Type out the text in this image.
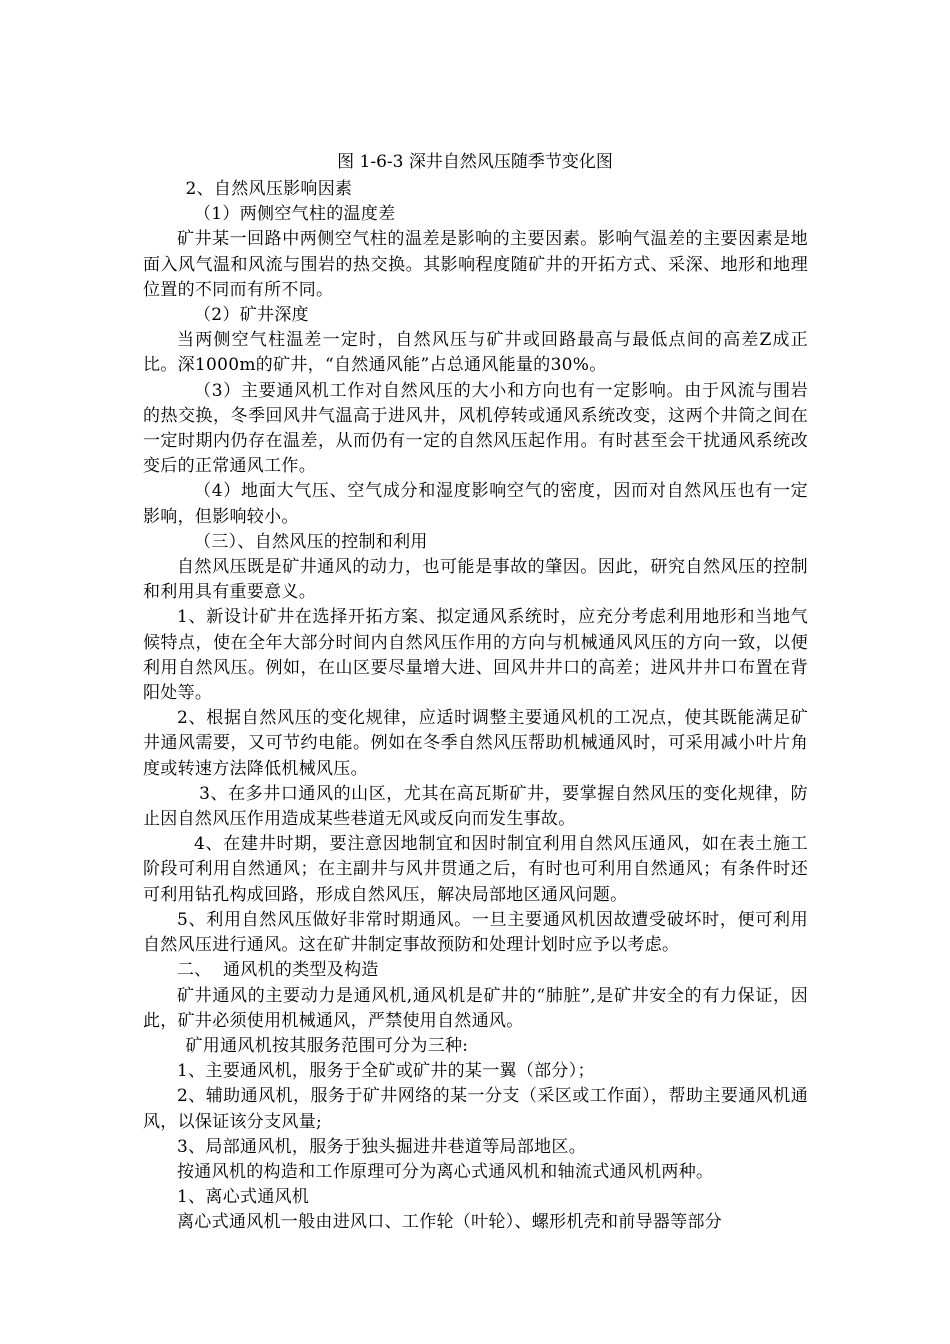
图 1-6-3 深井自然风压随季节变化图

2、自然风压影响因素

（1）两侧空气柱的温度差

矿井某一回路中两侧空气柱的温差是影响的主要因素。影响气温差的主要因素是地面入风气温和风流与围岩的热交换。其影响程度随矿井的开拓方式、采深、地形和地理位置的不同而有所不同。

（2）矿井深度

当两侧空气柱温差一定时，自然风压与矿井或回路最高与最低点间的高差Z成正比。深1000m的矿井，“自然通风能”占总通风能量的30%。

（3）主要通风机工作对自然风压的大小和方向也有一定影响。由于风流与围岩的热交换，冬季回风井气温高于进风井，风机停转或通风系统改变，这两个井筒之间在一定时期内仍存在温差，从而仍有一定的自然风压起作用。有时甚至会干扰通风系统改变后的正常通风工作。

（4）地面大气压、空气成分和湿度影响空气的密度，因而对自然风压也有一定影响，但影响较小。

（三）、自然风压的控制和利用

自然风压既是矿井通风的动力，也可能是事故的肇因。因此，研究自然风压的控制和利用具有重要意义。

1、新设计矿井在选择开拓方案、拟定通风系统时，应充分考虑利用地形和当地气候特点，使在全年大部分时间内自然风压作用的方向与机械通风风压的方向一致，以便利用自然风压。例如，在山区要尽量增大进、回风井井口的高差；进风井井口布置在背阳处等。

2、根据自然风压的变化规律，应适时调整主要通风机的工况点，使其既能满足矿井通风需要，又可节约电能。例如在冬季自然风压帮助机械通风时，可采用减小叶片角度或转速方法降低机械风压。

3、在多井口通风的山区，尤其在高瓦斯矿井，要掌握自然风压的变化规律，防止因自然风压作用造成某些巷道无风或反向而发生事故。

4、在建井时期，要注意因地制宜和因时制宜利用自然风压通风，如在表土施工阶段可利用自然通风；在主副井与风井贯通之后，有时也可利用自然通风；有条件时还可利用钻孔构成回路，形成自然风压，解决局部地区通风问题。

5、利用自然风压做好非常时期通风。一旦主要通风机因故遭受破坏时，便可利用自然风压进行通风。这在矿井制定事故预防和处理计划时应予以考虑。

二、  通风机的类型及构造

矿井通风的主要动力是通风机,通风机是矿井的“肺脏”,是矿井安全的有力保证，因此，矿井必须使用机械通风，严禁使用自然通风。

矿用通风机按其服务范围可分为三种:

1、主要通风机，服务于全矿或矿井的某一翼（部分）；

2、辅助通风机，服务于矿井网络的某一分支（采区或工作面），帮助主要通风机通风，以保证该分支风量;

3、局部通风机，服务于独头掘进井巷道等局部地区。

按通风机的构造和工作原理可分为离心式通风机和轴流式通风机两种。

1、离心式通风机

离心式通风机一般由进风口、工作轮（叶轮）、螺形机壳和前导器等部分
